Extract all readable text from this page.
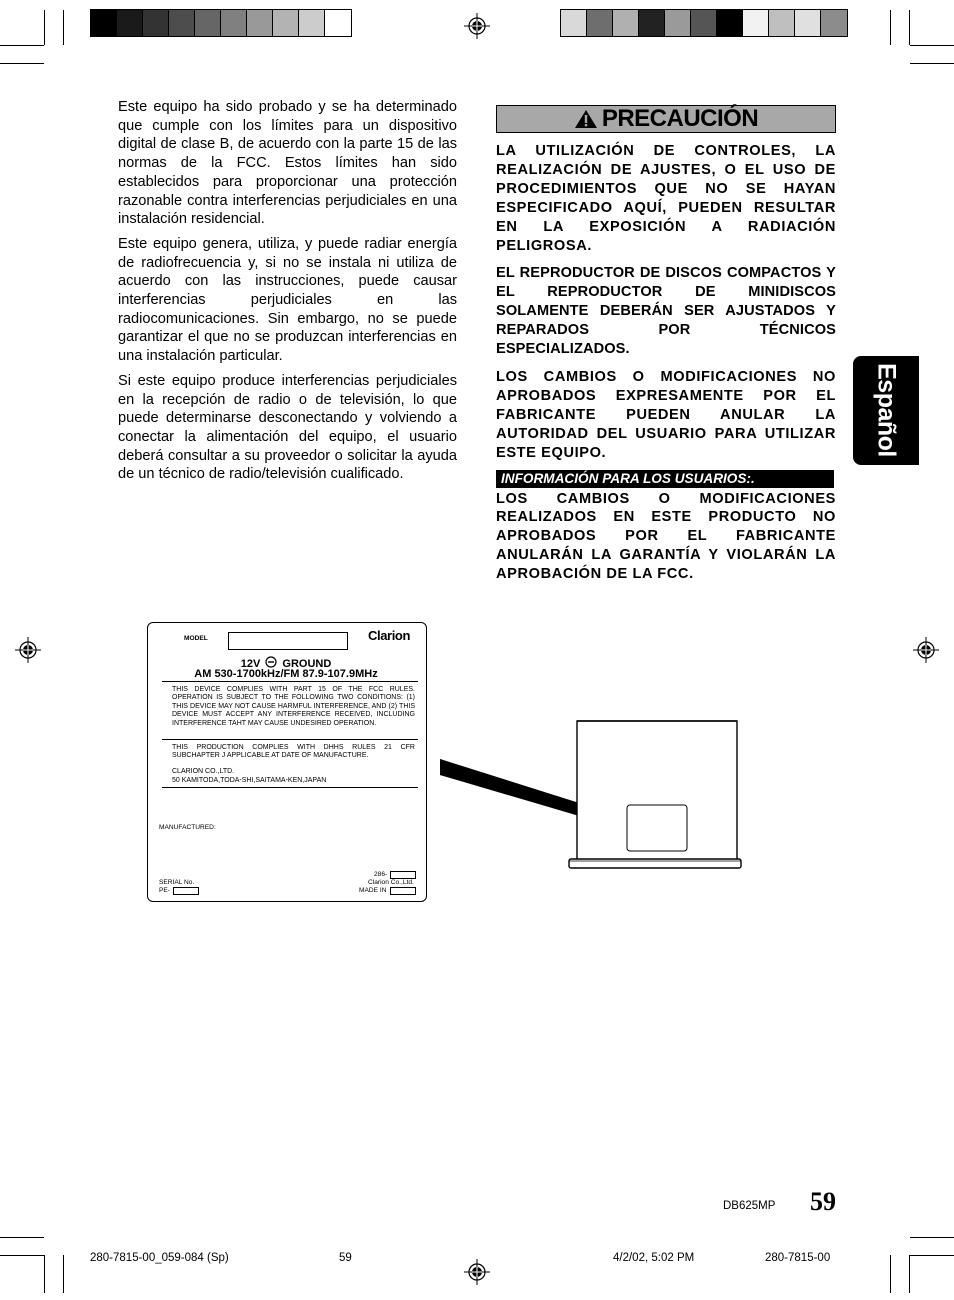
Este equipo ha sido probado y se ha determinado que cumple con los límites para un dispositivo digital de clase B, de acuerdo con la parte 15 de las normas de la FCC. Estos límites han sido establecidos para proporcionar una protección razonable contra interferencias perjudiciales en una instalación residencial.

Este equipo genera, utiliza, y puede radiar energía de radiofrecuencia y, si no se instala ni utiliza de acuerdo con las instrucciones, puede causar interferencias perjudiciales en las radiocomunicaciones. Sin embargo, no se puede garantizar el que no se produzcan interferencias en una instalación particular.

Si este equipo produce interferencias perjudiciales en la recepción de radio o de televisión, lo que puede determinarse desconectando y volviendo a conectar la alimentación del equipo, el usuario deberá consultar a su proveedor o solicitar la ayuda de un técnico de radio/televisión cualificado.

PRECAUCIÓN

LA UTILIZACIÓN DE CONTROLES, LA REALIZACIÓN DE AJUSTES, O EL USO DE PROCEDIMIENTOS QUE NO SE HAYAN ESPECIFICADO AQUÍ, PUEDEN RESULTAR EN LA EXPOSICIÓN A RADIACIÓN PELIGROSA.

EL REPRODUCTOR DE DISCOS COMPACTOS Y EL REPRODUCTOR DE MINIDISCOS SOLAMENTE DEBERÁN SER AJUSTADOS Y REPARADOS POR TÉCNICOS ESPECIALIZADOS.

LOS CAMBIOS O MODIFICACIONES NO APROBADOS EXPRESAMENTE POR EL FABRICANTE PUEDEN ANULAR LA AUTORIDAD DEL USUARIO PARA UTILIZAR ESTE EQUIPO.

INFORMACIÓN PARA LOS USUARIOS:.

LOS CAMBIOS O MODIFICACIONES REALIZADOS EN ESTE PRODUCTO NO APROBADOS POR EL FABRICANTE ANULARÁN LA GARANTÍA Y VIOLARÁN LA APROBACIÓN DE LA FCC.

Español
MODEL	Clarion
12V GROUND
AM 530-1700kHz/FM 87.9-107.9MHz
THIS DEVICE COMPLIES WITH PART 15 OF THE FCC RULES. OPERATION IS SUBJECT TO THE FOLLOWING TWO CONDITIONS: (1) THIS DEVICE MAY NOT CAUSE HARMFUL INTERFERENCE, AND (2) THIS DEVICE MUST ACCEPT ANY INTERFERENCE RECEIVED, INCLUDING INTERFERENCE TAHT MAY CAUSE UNDESIRED OPERATION.
THIS PRODUCTION COMPLIES WITH DHHS RULES 21 CFR SUBCHAPTER J APPLICABLE AT DATE OF MANUFACTURE.
CLARION CO.,LTD.
50 KAMITODA,TODA-SHI,SAITAMA-KEN,JAPAN
MANUFACTURED:
SERIAL No.
PE-
286-
Clarion Co.,Ltd.
MADE IN
DB625MP 59
280-7815-00_059-084 (Sp)	59	4/2/02, 5:02 PM	280-7815-00
